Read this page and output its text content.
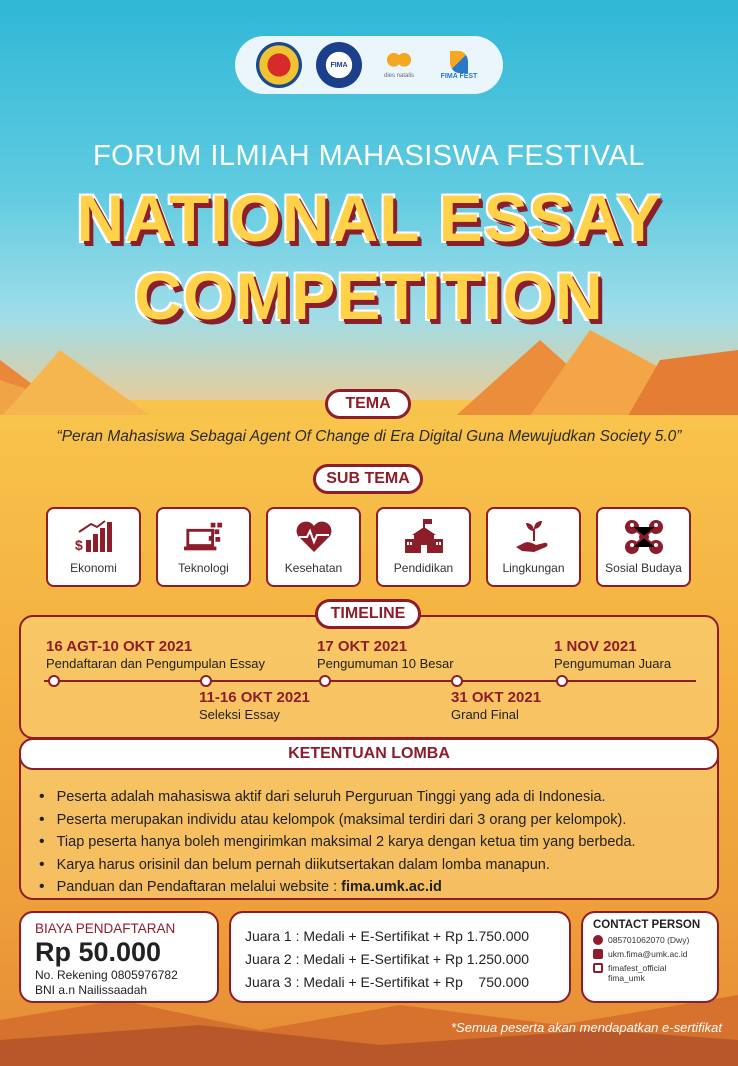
FIMA
dies natalis	FIMA FEST
FORUM ILMIAH MAHASISWA FESTIVAL
NATIONAL ESSAY
COMPETITION
TEMA
“Peran Mahasiswa Sebagai Agent Of Change di Era Digital Guna Mewujudkan Society 5.0”
SUB TEMA
$
Ekonomi	Teknologi	Kesehatan	Pendidikan	Lingkungan	Sosial Budaya
TIMELINE
16 AGT-10 OKT 2021
Pendaftaran dan Pengumpulan Essay
11-16 OKT 2021
Seleksi Essay
17 OKT 2021
Pengumuman 10 Besar
31 OKT 2021
Grand Final
1 NOV 2021
Pengumuman Juara
• Peserta adalah mahasiswa aktif dari seluruh Perguruan Tinggi yang ada di Indonesia.
• Peserta merupakan individu atau kelompok (maksimal terdiri dari 3 orang per kelompok).
• Tiap peserta hanya boleh mengirimkan maksimal 2 karya dengan ketua tim yang berbeda.
• Karya harus orisinil dan belum pernah diikutsertakan dalam lomba manapun.
• Panduan dan Pendaftaran melalui website : fima.umk.ac.id
KETENTUAN LOMBA
BIAYA PENDAFTARAN
Rp 50.000
No. Rekening 0805976782
BNI a.n Nailissaadah
Juara 1 : Medali + E-Sertifikat + Rp 1.750.000
Juara 2 : Medali + E-Sertifikat + Rp 1.250.000
Juara 3 : Medali + E-Sertifikat + Rp    750.000
CONTACT PERSON
085701062070 (Dwy)
ukm.fima@umk.ac.id
fimafest_official
fima_umk
*Semua peserta akan mendapatkan e-sertifikat
